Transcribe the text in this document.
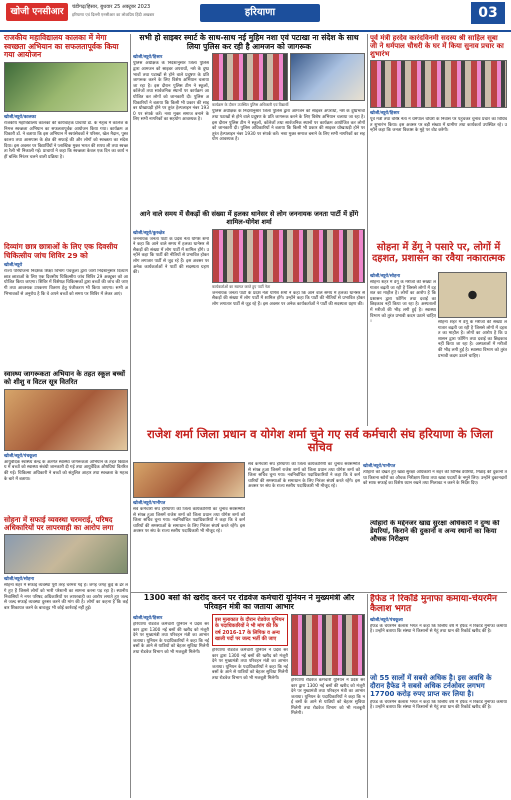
खोजी एनसीआर	चंडीगढ़/हिसार, बुधवार 25 अक्टूबर 2023
हरियाणा एवं दिल्ली एनसीआर का लोकप्रिय हिंदी अखबार	हरियाणा	03
राजकीय महाविद्यालय कालका में मेगा स्वच्छता अभियान का सफलतापूर्वक किया गया आयोजन
खोजी/ब्यूरो/कालका
राजकीय महाविद्यालय कालका की कार्यवाहक प्राचार्या डॉ. के नेतृत्व में कॉलेज के निमत्त स्वच्छता अभियान का सफलतापूर्वक आयोजन किया गया। कार्यक्रम अधिकारी डॉ. ने बताया कि इस अभियान में स्वयंसेवकों ने परिसर, खेल मैदान, पुस्तकालय तथा आसपास के क्षेत्र की सफाई की और लोगों को स्वच्छता का संदेश दिया। इस अवसर पर विद्यार्थियों ने प्लास्टिक मुक्त भारत की शपथ ली तथा स्वच्छता रैली भी निकाली गई। प्राचार्या ने कहा कि स्वच्छता केवल एक दिन का कार्य नहीं बल्कि निरंतर चलने वाली प्रक्रिया है।
दिव्यांग छात्र छात्राओं के लिए एक दिवसीय चिकित्सीय जांच शिविर 29 को
खोजी/ब्यूरो
राज्य परियोजना निदेशक शिक्षा विभाग पंचकूला द्वारा जारी निर्देशानुसार दिव्यांग छात्र छात्राओं के लिए एक दिवसीय चिकित्सीय जांच शिविर 29 अक्टूबर को आयोजित किया जाएगा। शिविर में विशेषज्ञ चिकित्सकों द्वारा बच्चों की जांच की जाएगी तथा आवश्यक उपकरण वितरण हेतु पंजीकरण भी किया जाएगा। सभी अभिभावकों से अनुरोध है कि वे अपने बच्चों को समय पर शिविर में लेकर आएं।
स्वास्थ्य जागरूकता अभियान के तहत स्कूल बच्चों को शीशु व विटल सूत्र वितरित
खोजी/ब्यूरो/पंचकूला
आयुर्वेदिक स्वास्थ्य केन्द्र के अंतर्गत स्वास्थ्य जागरूकता अभियान के तहत विद्यालय में बच्चों को स्वास्थ्य संबंधी जानकारी दी गई तथा आयुर्वेदिक औषधियां वितरित की गईं। चिकित्सा अधिकारी ने बच्चों को संतुलित आहार तथा स्वच्छता के महत्व के बारे में बताया।
सोहना में सफाई व्यवस्था चरमराई, परिषद अधिकारियों पर लापरवाही का आरोप लगा
खोजी/ब्यूरो/सोहना
सोहना शहर में सफाई व्यवस्था पूरी तरह चरमरा गई है। जगह जगह कूड़े के ढेर लगे हुए हैं जिससे लोगों को भारी परेशानी का सामना करना पड़ रहा है। स्थानीय निवासियों ने नगर परिषद अधिकारियों पर लापरवाही का आरोप लगाते हुए जल्द से जल्द सफाई व्यवस्था दुरुस्त करने की मांग की है। लोगों का कहना है कि कई बार शिकायत करने के बावजूद भी कोई कार्रवाई नहीं हुई।
सभी हो साइबर स्मार्ट के साथ-साथ नई मुहिम नशा एवं पटाखा ना संदेश के साथ लिया पुलिस कर रही है आमजन को जागरूक
खोजी/ब्यूरो/हिसार
पुलिस अधीक्षक के निर्देशानुसार जिला पुलिस द्वारा आमजन को साइबर अपराधों, नशे के दुष्प्रभावों तथा पटाखों से होने वाले प्रदूषण के प्रति जागरूक करने के लिए विशेष अभियान चलाया जा रहा है। इस दौरान पुलिस टीम ने स्कूलों, कॉलेजों तथा सार्वजनिक स्थानों पर कार्यक्रम आयोजित कर लोगों को जानकारी दी। पुलिस अधिकारियों ने बताया कि किसी भी प्रकार की साइबर धोखाधड़ी होने पर तुरंत हेल्पलाइन नंबर 1930 पर संपर्क करें। नशा मुक्त समाज बनाने के लिए सभी नागरिकों का सहयोग आवश्यक है।
कार्यक्रम के दौरान उपस्थित पुलिस अधिकारी एवं विद्यार्थी
पुलिस अधीक्षक के निर्देशानुसार जिला पुलिस द्वारा आमजन को साइबर अपराधों, नशे के दुष्प्रभावों तथा पटाखों से होने वाले प्रदूषण के प्रति जागरूक करने के लिए विशेष अभियान चलाया जा रहा है। इस दौरान पुलिस टीम ने स्कूलों, कॉलेजों तथा सार्वजनिक स्थानों पर कार्यक्रम आयोजित कर लोगों को जानकारी दी। पुलिस अधिकारियों ने बताया कि किसी भी प्रकार की साइबर धोखाधड़ी होने पर तुरंत हेल्पलाइन नंबर 1930 पर संपर्क करें। नशा मुक्त समाज बनाने के लिए सभी नागरिकों का सहयोग आवश्यक है।
आने वाले समय में सैकड़ों की संख्या में हलका थानेसर से लोग जननायक जनता पार्टी में होंगे शामिल-योगेश शर्मा
खोजी/ब्यूरो/कुरुक्षेत्र
जननायक जनता पार्टी के प्रदेश नेता योगेश शर्मा ने कहा कि आने वाले समय में हलका थानेसर से सैकड़ों की संख्या में लोग पार्टी में शामिल होंगे। उन्होंने कहा कि पार्टी की नीतियों से प्रभावित होकर लोग लगातार पार्टी से जुड़ रहे हैं। इस अवसर पर अनेक कार्यकर्ताओं ने पार्टी की सदस्यता ग्रहण की।
कार्यकर्ताओं का स्वागत करते हुए पार्टी नेता
जननायक जनता पार्टी के प्रदेश नेता योगेश शर्मा ने कहा कि आने वाले समय में हलका थानेसर से सैकड़ों की संख्या में लोग पार्टी में शामिल होंगे। उन्होंने कहा कि पार्टी की नीतियों से प्रभावित होकर लोग लगातार पार्टी से जुड़ रहे हैं। इस अवसर पर अनेक कार्यकर्ताओं ने पार्टी की सदस्यता ग्रहण की।
राजेश शर्मा जिला प्रधान व योगेश शर्मा चुने गए सर्व कर्मचारी संघ हरियाणा के जिला सचिव
खोजी/ब्यूरो/पानीपत
सर्व कर्मचारी संघ हरियाणा की जिला कार्यकारिणी का चुनाव सर्वसम्मति से संपन्न हुआ जिसमें राजेश शर्मा को जिला प्रधान तथा योगेश शर्मा को जिला सचिव चुना गया। नवनिर्वाचित पदाधिकारियों ने कहा कि वे कर्मचारियों की समस्याओं के समाधान के लिए निरंतर संघर्ष करते रहेंगे। इस अवसर पर संघ के राज्य स्तरीय पदाधिकारी भी मौजूद रहे।
सर्व कर्मचारी संघ हरियाणा की जिला कार्यकारिणी का चुनाव सर्वसम्मति से संपन्न हुआ जिसमें राजेश शर्मा को जिला प्रधान तथा योगेश शर्मा को जिला सचिव चुना गया। नवनिर्वाचित पदाधिकारियों ने कहा कि वे कर्मचारियों की समस्याओं के समाधान के लिए निरंतर संघर्ष करते रहेंगे। इस अवसर पर संघ के राज्य स्तरीय पदाधिकारी भी मौजूद रहे।
खोजी/ब्यूरो/पानीपत
त्योहारों को देखते हुए खाद्य सुरक्षा अधिकारी ने शहर की विभिन्न डेयरियों, मिठाई की दुकानों तथा किराना स्टोरों का औचक निरीक्षण किया तथा खाद्य पदार्थों के नमूने लिए। उन्होंने दुकानदारों को साफ सफाई का विशेष ध्यान रखने तथा मिलावट न करने के निर्देश दिए।
1300 बसों की खरीद करने पर रोडवेज कर्मचारी यूनियन ने मुख्यमंत्री और परिवहन मंत्री का जताया आभार
खोजी/ब्यूरो/हिसार
हरियाणा रोडवेज कर्मचारी यूनियन ने प्रदेश सरकार द्वारा 1300 नई बसों की खरीद को मंजूरी देने पर मुख्यमंत्री तथा परिवहन मंत्री का आभार जताया। यूनियन के पदाधिकारियों ने कहा कि नई बसों के आने से यात्रियों को बेहतर सुविधा मिलेगी तथा रोडवेज विभाग को भी मजबूती मिलेगी।
इस मुलाकात के दौरान रोडवेज यूनियन के पदाधिकारियों ने भी मांग की कि वर्ष 2016-17 के लिपिक व अन्य खाली पदों पर जल्द भर्ती की जाए
हरियाणा रोडवेज कर्मचारी यूनियन ने प्रदेश सरकार द्वारा 1300 नई बसों की खरीद को मंजूरी देने पर मुख्यमंत्री तथा परिवहन मंत्री का आभार जताया। यूनियन के पदाधिकारियों ने कहा कि नई बसों के आने से यात्रियों को बेहतर सुविधा मिलेगी तथा रोडवेज विभाग को भी मजबूती मिलेगी।	हरियाणा रोडवेज कर्मचारी यूनियन ने प्रदेश सरकार द्वारा 1300 नई बसों की खरीद को मंजूरी देने पर मुख्यमंत्री तथा परिवहन मंत्री का आभार जताया। यूनियन के पदाधिकारियों ने कहा कि नई बसों के आने से यात्रियों को बेहतर सुविधा मिलेगी तथा रोडवेज विभाग को भी मजबूती मिलेगी।
पूर्व मंत्री हरदेव कारंदविनमी सदस्य श्री साहिल सूबा जी ने धर्मपाल चौधरी के घर में किया सुनाव प्रचार का शुभारंभ
खोजी/ब्यूरो/हिसार
पूर्व मंत्री तथा वरिष्ठ नेता ने धर्मपाल चौधरी के निवास पर पहुंचकर चुनाव प्रचार का विधिवत शुभारंभ किया। इस अवसर पर बड़ी संख्या में ग्रामीण तथा कार्यकर्ता उपस्थित रहे। उन्होंने कहा कि जनता विकास के मुद्दे पर वोट करेगी।
सोहना में डेंगू ने पसारे पर, लोगों में दहशत, प्रशासन का रवैया नकारात्मक
खोजी/ब्यूरो/सोहना
सोहना शहर में डेंगू के मरीजों की संख्या लगातार बढ़ती जा रही है जिससे लोगों में दहशत का माहौल है। लोगों का आरोप है कि प्रशासन द्वारा फॉगिंग तथा दवाई का छिड़काव नहीं किया जा रहा है। अस्पतालों में मरीजों की भीड़ लगी हुई है। स्वास्थ्य विभाग को तुरंत प्रभावी कदम उठाने चाहिए।	सोहना शहर में डेंगू के मरीजों की संख्या लगातार बढ़ती जा रही है जिससे लोगों में दहशत का माहौल है। लोगों का आरोप है कि प्रशासन द्वारा फॉगिंग तथा दवाई का छिड़काव नहीं किया जा रहा है। अस्पतालों में मरीजों की भीड़ लगी हुई है। स्वास्थ्य विभाग को तुरंत प्रभावी कदम उठाने चाहिए।
हैफेड ने रिकॉर्ड मुनाफा कमाया-चेयरमैन कैलाश भगत
खोजी/ब्यूरो/पंचकूला
हैफेड के चेयरमैन कैलाश भगत ने कहा कि वित्तीय वर्ष में हैफेड ने रिकॉर्ड मुनाफा कमाया है। उन्होंने बताया कि संस्था ने किसानों से गेहूं तथा धान की रिकॉर्ड खरीद की है।
जो 55 सालों में सबसे अधिक है। इस अवधि के दौरान हैफेड ने सबसे अधिक टर्नओवर लगभग 17700 करोड़ रुपए प्राप्त कर लिया है।
हैफेड के चेयरमैन कैलाश भगत ने कहा कि वित्तीय वर्ष में हैफेड ने रिकॉर्ड मुनाफा कमाया है। उन्होंने बताया कि संस्था ने किसानों से गेहूं तथा धान की रिकॉर्ड खरीद की है।
त्योहारों के मद्देनजर खाद्य सुरक्षा अधिकारी ने दुग्ध की डेयरियां, किराने की दुकानों व अन्य स्थानों का किया औचक निरीक्षण
